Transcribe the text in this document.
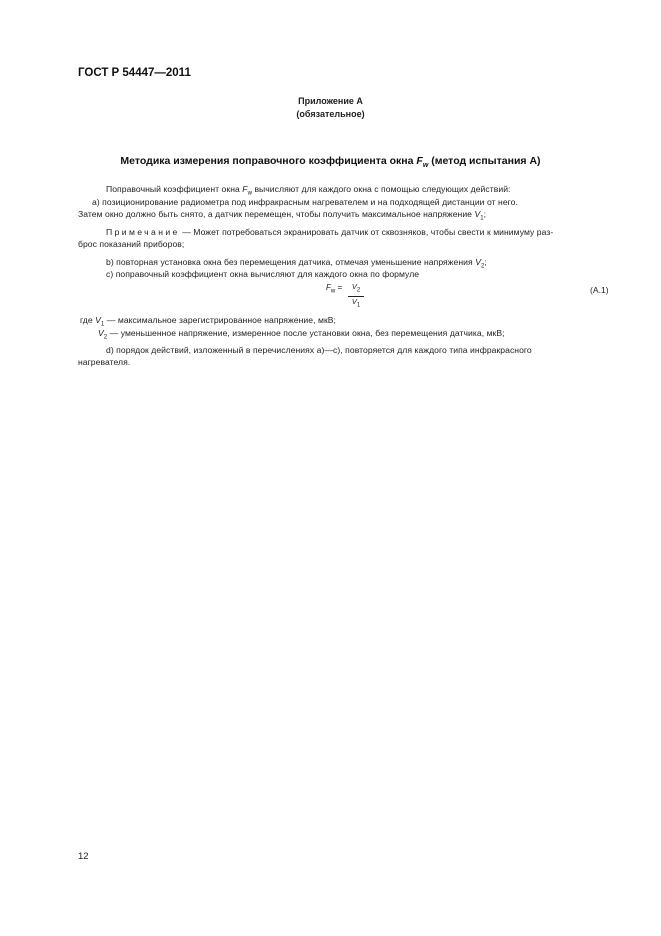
ГОСТ Р 54447—2011
Приложение А
(обязательное)
Методика измерения поправочного коэффициента окна $F_w$ (метод испытания А)
Поправочный коэффициент окна $F_w$ вычисляют для каждого окна с помощью следующих действий:
а) позиционирование радиометра под инфракрасным нагревателем и на подходящей дистанции от него.
Затем окно должно быть снято, а датчик перемещен, чтобы получить максимальное напряжение $V_1$;
Примечание — Может потребоваться экранировать датчик от сквозняков, чтобы свести к минимуму раз-
брос показаний приборов;
b) повторная установка окна без перемещения датчика, отмечая уменьшение напряжения $V_2$;
c) поправочный коэффициент окна вычисляют для каждого окна по формуле
$F_w = \frac{V_2}{V_1}$	(А.1)
где $V_1$ — максимальное зарегистрированное напряжение, мкВ;
$V_2$ — уменьшенное напряжение, измеренное после установки окна, без перемещения датчика, мкВ;
d) порядок действий, изложенный в перечислениях а)—с), повторяется для каждого типа инфракрасного
нагревателя.
12
